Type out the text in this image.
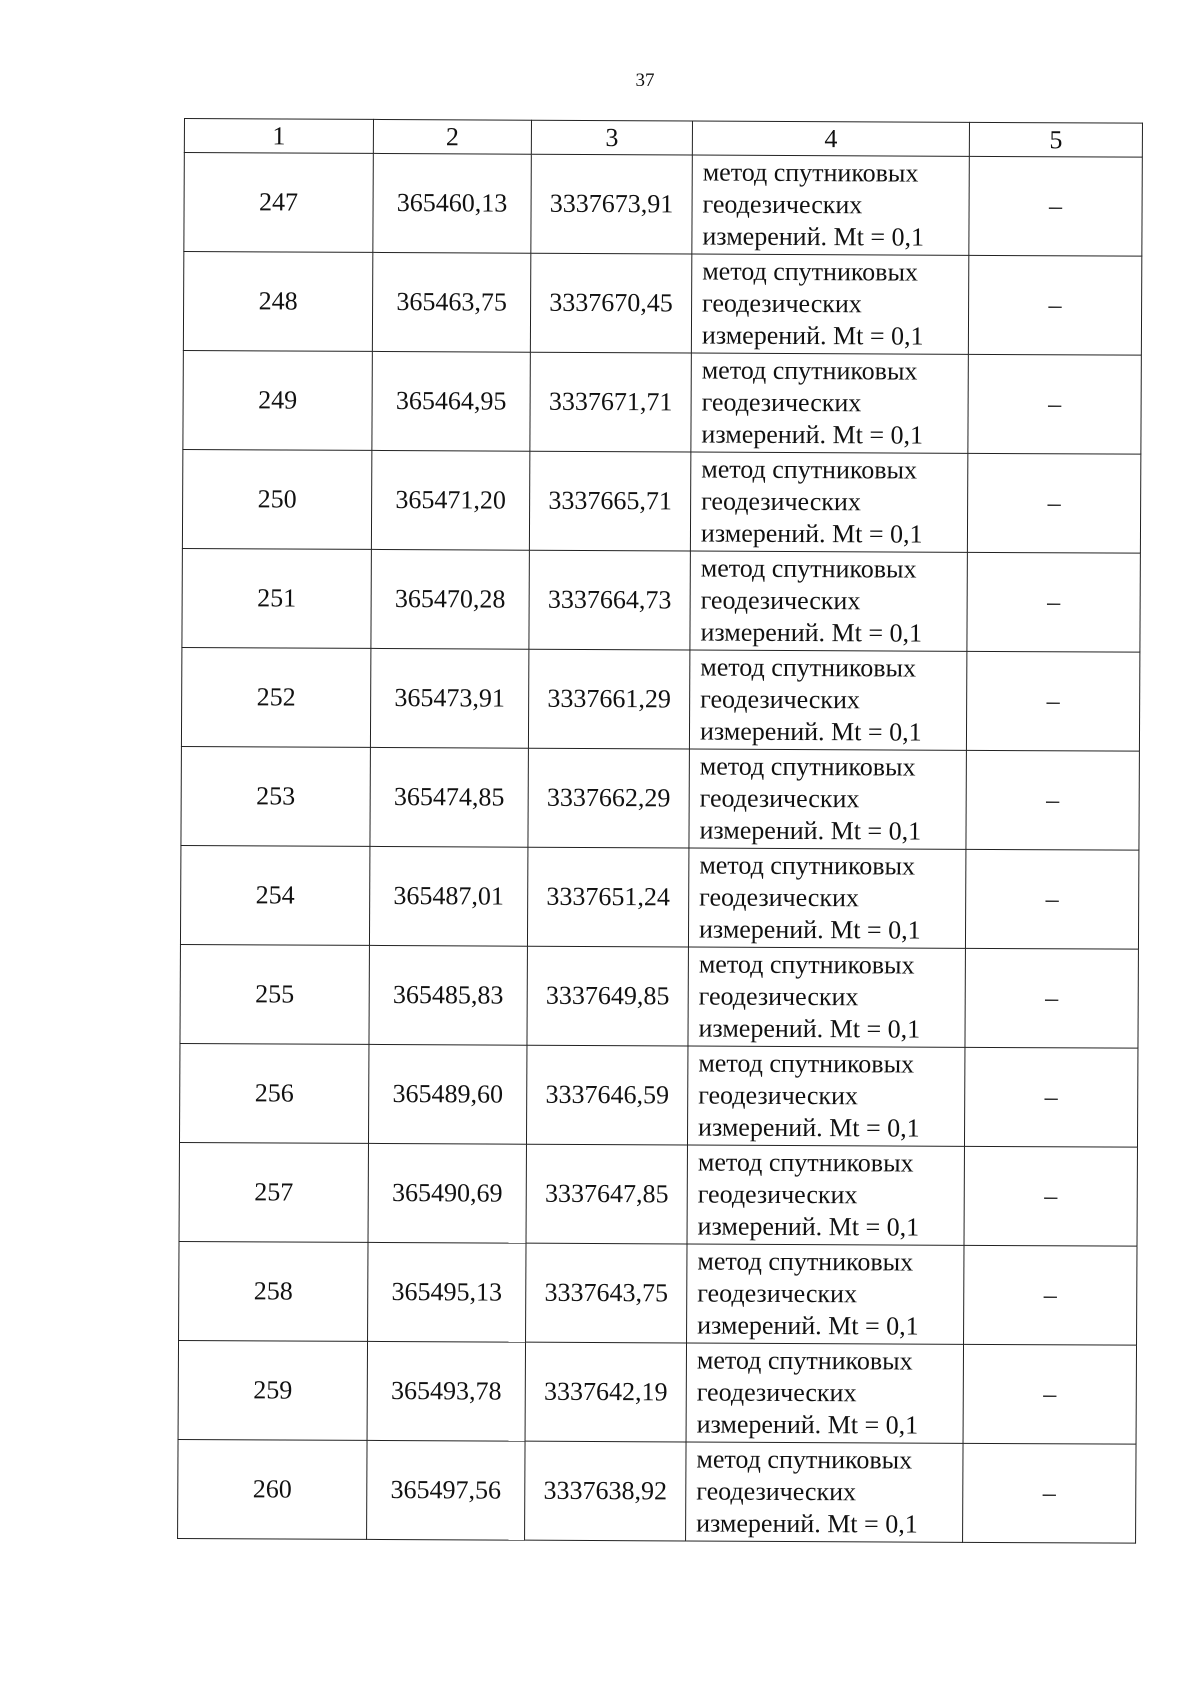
37
1	2	3	4	5
247	365460,13	3337673,91	метод спутниковых
геодезических
измерений. Mt = 0,1	–
248	365463,75	3337670,45	метод спутниковых
геодезических
измерений. Mt = 0,1	–
249	365464,95	3337671,71	метод спутниковых
геодезических
измерений. Mt = 0,1	–
250	365471,20	3337665,71	метод спутниковых
геодезических
измерений. Mt = 0,1	–
251	365470,28	3337664,73	метод спутниковых
геодезических
измерений. Mt = 0,1	–
252	365473,91	3337661,29	метод спутниковых
геодезических
измерений. Mt = 0,1	–
253	365474,85	3337662,29	метод спутниковых
геодезических
измерений. Mt = 0,1	–
254	365487,01	3337651,24	метод спутниковых
геодезических
измерений. Mt = 0,1	–
255	365485,83	3337649,85	метод спутниковых
геодезических
измерений. Mt = 0,1	–
256	365489,60	3337646,59	метод спутниковых
геодезических
измерений. Mt = 0,1	–
257	365490,69	3337647,85	метод спутниковых
геодезических
измерений. Mt = 0,1	–
258	365495,13	3337643,75	метод спутниковых
геодезических
измерений. Mt = 0,1	–
259	365493,78	3337642,19	метод спутниковых
геодезических
измерений. Mt = 0,1	–
260	365497,56	3337638,92	метод спутниковых
геодезических
измерений. Mt = 0,1	–
